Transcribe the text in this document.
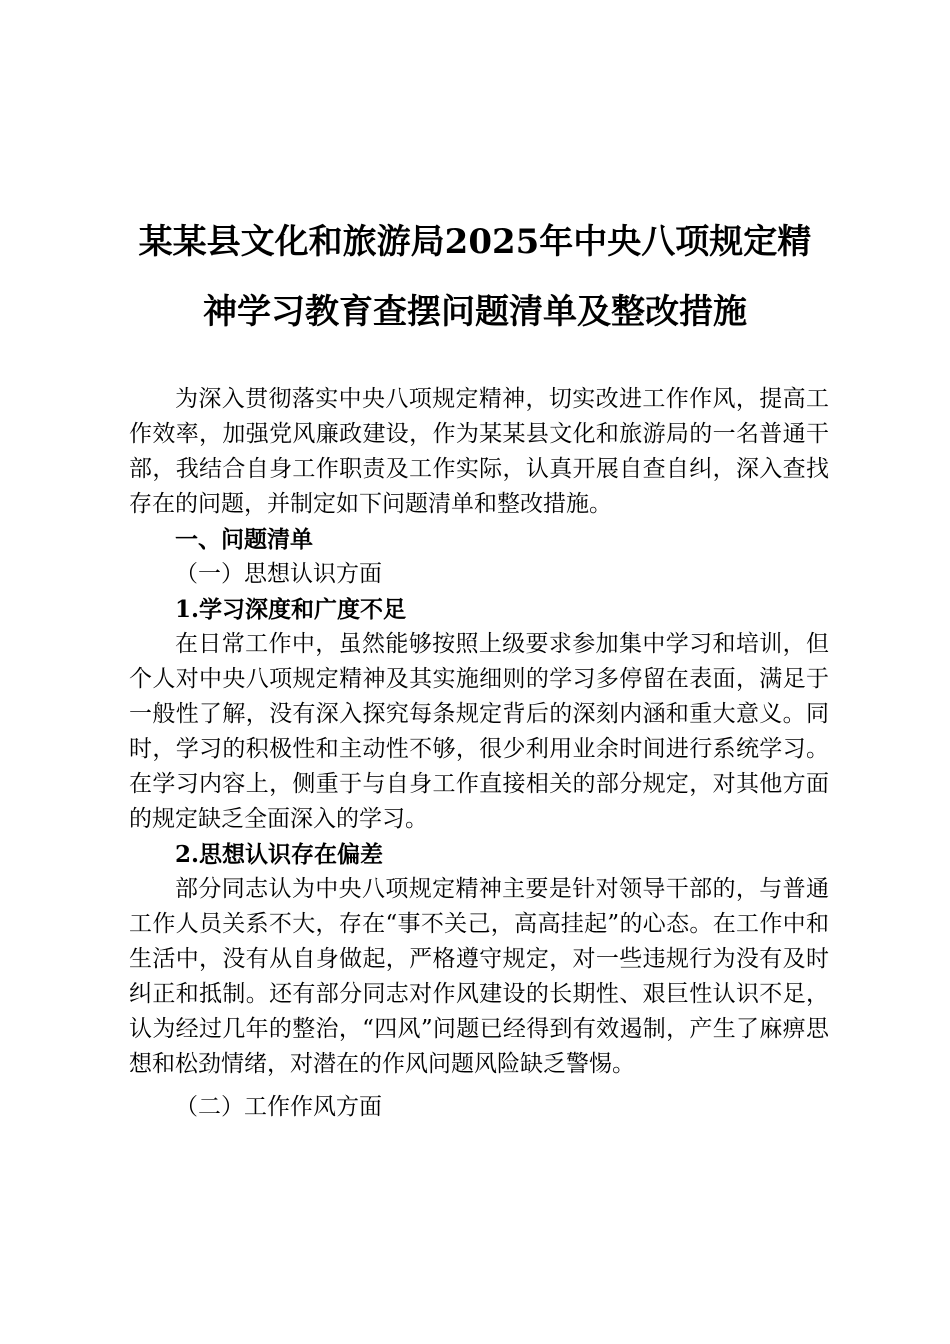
某某县文化和旅游局2025年中央八项规定精
神学习教育查摆问题清单及整改措施

为深入贯彻落实中央八项规定精神，切实改进工作作风，提高工作效率，加强党风廉政建设，作为某某县文化和旅游局的一名普通干部，我结合自身工作职责及工作实际，认真开展自查自纠，深入查找存在的问题，并制定如下问题清单和整改措施。

一、问题清单

（一）思想认识方面

1.学习深度和广度不足

在日常工作中，虽然能够按照上级要求参加集中学习和培训，但个人对中央八项规定精神及其实施细则的学习多停留在表面，满足于一般性了解，没有深入探究每条规定背后的深刻内涵和重大意义。同时，学习的积极性和主动性不够，很少利用业余时间进行系统学习。在学习内容上，侧重于与自身工作直接相关的部分规定，对其他方面的规定缺乏全面深入的学习。

2.思想认识存在偏差

部分同志认为中央八项规定精神主要是针对领导干部的，与普通工作人员关系不大，存在“事不关己，高高挂起”的心态。在工作中和生活中，没有从自身做起，严格遵守规定，对一些违规行为没有及时纠正和抵制。还有部分同志对作风建设的长期性、艰巨性认识不足，认为经过几年的整治，“四风”问题已经得到有效遏制，产生了麻痹思想和松劲情绪，对潜在的作风问题风险缺乏警惕。

（二）工作作风方面
